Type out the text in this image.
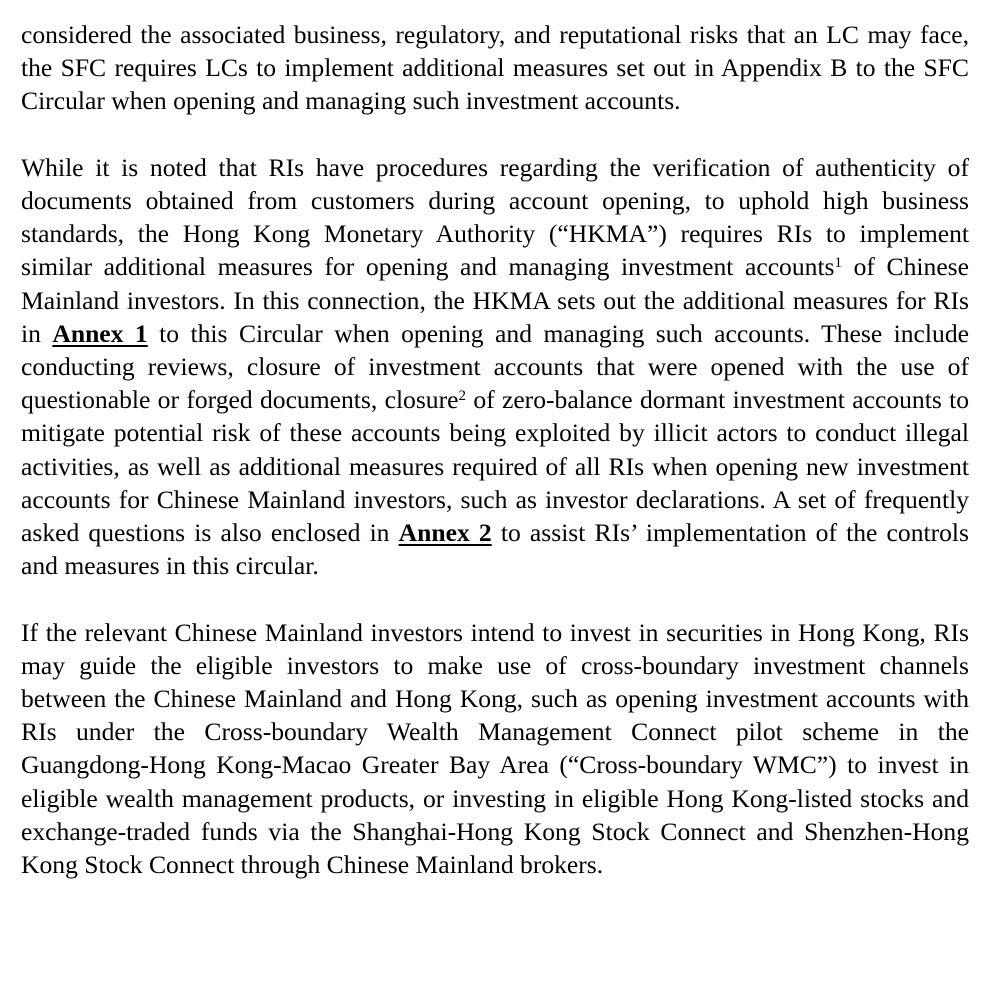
considered the associated business, regulatory, and reputational risks that an LC may face, the SFC requires LCs to implement additional measures set out in Appendix B to the SFC Circular when opening and managing such investment accounts.

While it is noted that RIs have procedures regarding the verification of authenticity of documents obtained from customers during account opening, to uphold high business standards, the Hong Kong Monetary Authority (“HKMA”) requires RIs to implement similar additional measures for opening and managing investment accounts$^1$ of Chinese Mainland investors. In this connection, the HKMA sets out the additional measures for RIs in Annex 1 to this Circular when opening and managing such accounts. These include conducting reviews, closure of investment accounts that were opened with the use of questionable or forged documents, closure$^2$ of zero-balance dormant investment accounts to mitigate potential risk of these accounts being exploited by illicit actors to conduct illegal activities, as well as additional measures required of all RIs when opening new investment accounts for Chinese Mainland investors, such as investor declarations. A set of frequently asked questions is also enclosed in Annex 2 to assist RIs’ implementation of the controls and measures in this circular.

If the relevant Chinese Mainland investors intend to invest in securities in Hong Kong, RIs may guide the eligible investors to make use of cross-boundary investment channels between the Chinese Mainland and Hong Kong, such as opening investment accounts with RIs under the Cross-boundary Wealth Management Connect pilot scheme in the Guangdong-Hong Kong-Macao Greater Bay Area (“Cross-boundary WMC”) to invest in eligible wealth management products, or investing in eligible Hong Kong-listed stocks and exchange-traded funds via the Shanghai-Hong Kong Stock Connect and Shenzhen-Hong Kong Stock Connect through Chinese Mainland brokers.
